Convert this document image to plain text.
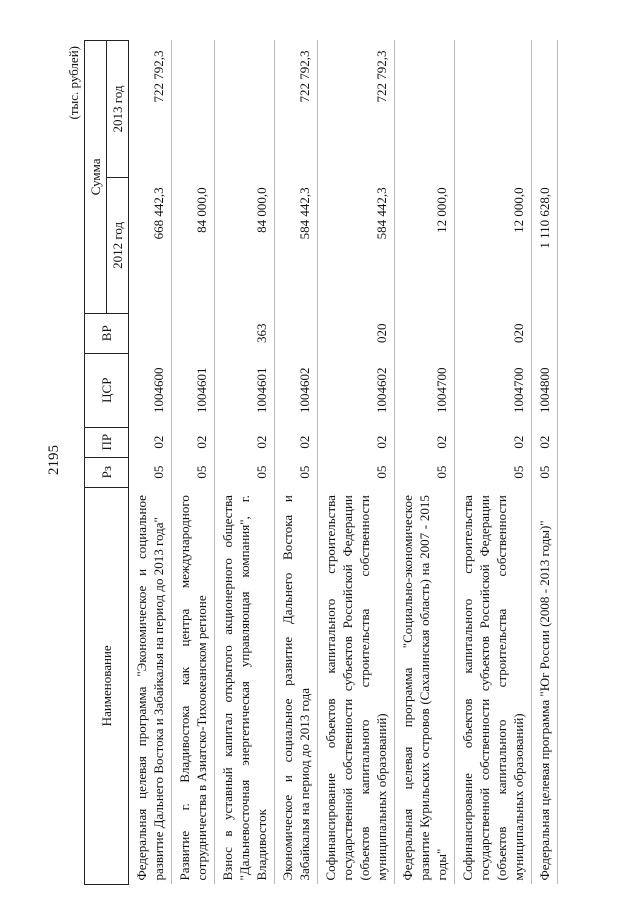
2195
(тыс. рублей)
Наименование	Рз	ПР	ЦСР	ВР	Сумма	
					2012 год	2013 год
Федеральная целевая программа "Экономическое и социальное развитие Дальнего Востока и Забайкалья на период до 2013 года"	05	02	1004600		668 442,3	722 792,3
Развитие г. Владивостока как центра международного сотрудничества в Азиатско-Тихоокеанском регионе	05	02	1004601		84 000,0	
Взнос в уставный капитал открытого акционерного общества "Дальневосточная энергетическая управляющая компания", г. Владивосток	05	02	1004601	363	84 000,0	
Экономическое и социальное развитие Дальнего Востока и Забайкалья на период до 2013 года	05	02	1004602		584 442,3	722 792,3
Софинансирование объектов капитального строительства государственной собственности субъектов Российской Федерации (объектов капитального строительства собственности муниципальных образований)	05	02	1004602	020	584 442,3	722 792,3
Федеральная целевая программа "Социально-экономическое развитие Курильских островов (Сахалинская область) на 2007 - 2015 годы"	05	02	1004700		12 000,0	
Софинансирование объектов капитального строительства государственной собственности субъектов Российской Федерации (объектов капитального строительства собственности муниципальных образований)	05	02	1004700	020	12 000,0	
Федеральная целевая программа "Юг России (2008 - 2013 годы)"	05	02	1004800		1 110 628,0	
